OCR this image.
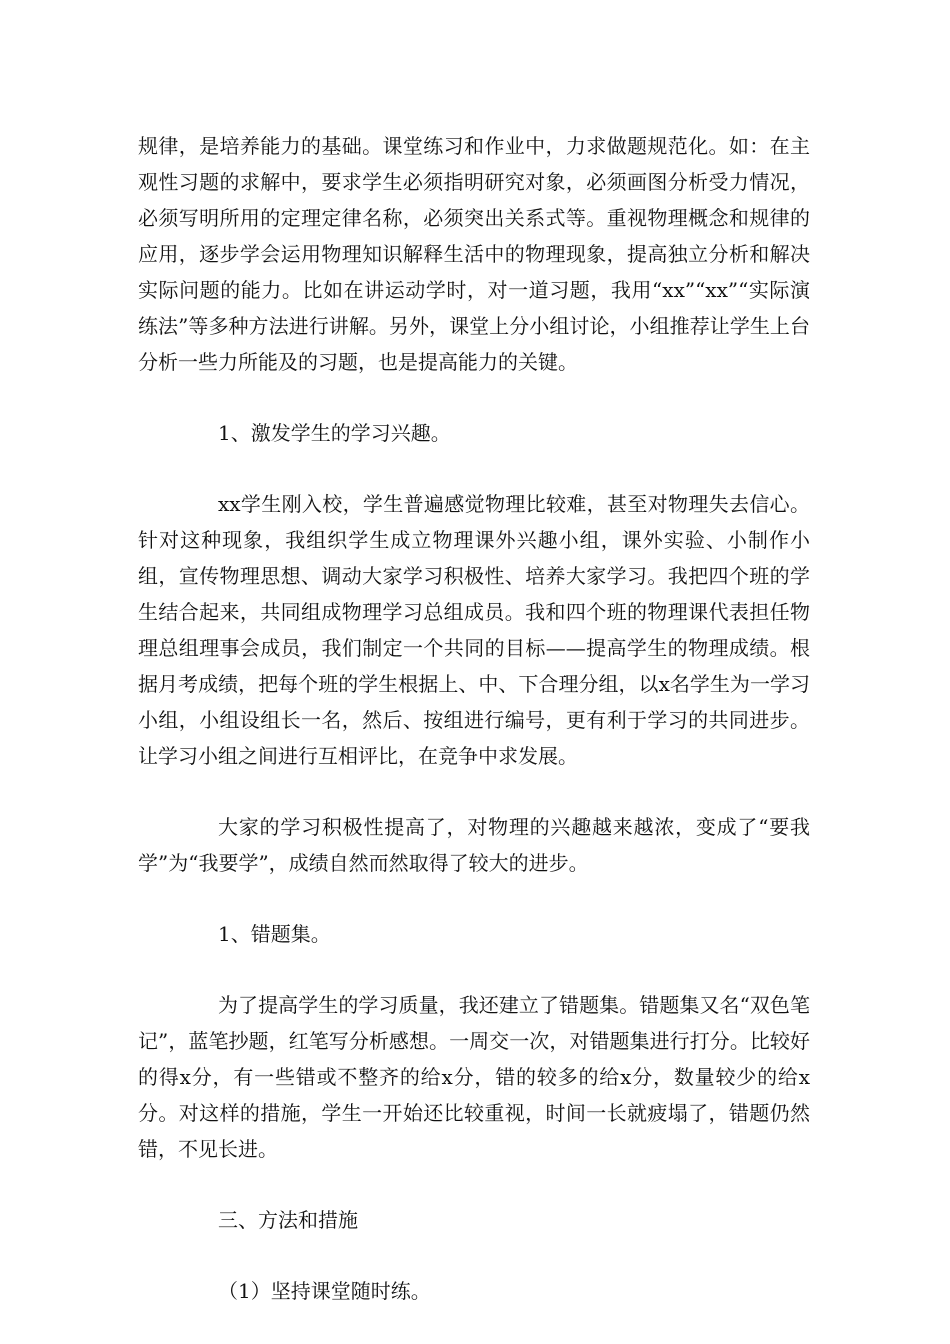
规律，是培养能力的基础。课堂练习和作业中，力求做题规范化。如：在主观性习题的求解中，要求学生必须指明研究对象，必须画图分析受力情况，必须写明所用的定理定律名称，必须突出关系式等。重视物理概念和规律的应用，逐步学会运用物理知识解释生活中的物理现象，提高独立分析和解决实际问题的能力。比如在讲运动学时，对一道习题，我用“xx”“xx”“实际演练法”等多种方法进行讲解。另外，课堂上分小组讨论，小组推荐让学生上台分析一些力所能及的习题，也是提高能力的关键。

1、激发学生的学习兴趣。

xx学生刚入校，学生普遍感觉物理比较难，甚至对物理失去信心。针对这种现象，我组织学生成立物理课外兴趣小组，课外实验、小制作小组，宣传物理思想、调动大家学习积极性、培养大家学习。我把四个班的学生结合起来，共同组成物理学习总组成员。我和四个班的物理课代表担任物理总组理事会成员，我们制定一个共同的目标——提高学生的物理成绩。根据月考成绩，把每个班的学生根据上、中、下合理分组，以x名学生为一学习小组，小组设组长一名，然后、按组进行编号，更有利于学习的共同进步。让学习小组之间进行互相评比，在竞争中求发展。

大家的学习积极性提高了，对物理的兴趣越来越浓，变成了“要我学”为“我要学”，成绩自然而然取得了较大的进步。

1、错题集。

为了提高学生的学习质量，我还建立了错题集。错题集又名“双色笔记”，蓝笔抄题，红笔写分析感想。一周交一次，对错题集进行打分。比较好的得x分，有一些错或不整齐的给x分，错的较多的给x分，数量较少的给x分。对这样的措施，学生一开始还比较重视，时间一长就疲塌了，错题仍然错，不见长进。

三、方法和措施

（1）坚持课堂随时练。
